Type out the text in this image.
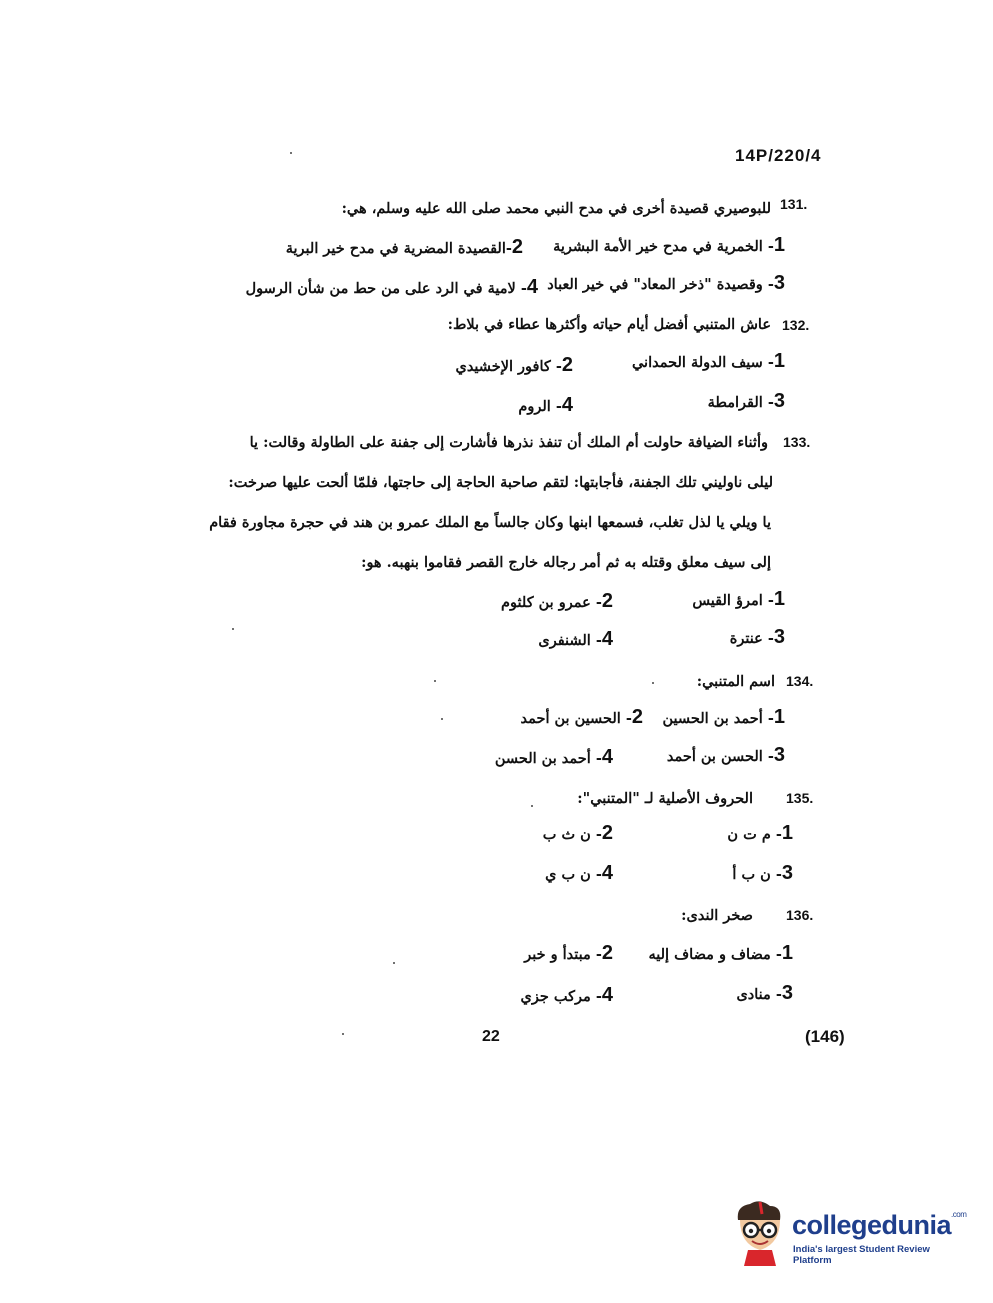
14P/220/4
131.
للبوصيري قصيدة أخرى في مدح النبي محمد صلى الله عليه وسلم، هي:
1- الخمرية في مدح خير الأمة البشرية
2-القصيدة المضرية في مدح خير البرية
3- وقصيدة "ذخر المعاد" في خير العباد
4- لامية في الرد على من حط من شأن الرسول
132.
عاش المتنبي أفضل أيام حياته وأكثرها عطاء في بلاط:
1- سيف الدولة الحمداني
2- كافور الإخشيدي
3- القرامطة
4- الروم
133.
وأثناء الضيافة حاولت أم الملك أن تنفذ نذرها فأشارت إلى جفنة على الطاولة وقالت: يا
ليلى ناوليني تلك الجفنة، فأجابتها: لتقم صاحبة الحاجة إلى حاجتها، فلمّا ألحت عليها صرخت:
يا ويلي يا لذل تغلب، فسمعها ابنها وكان جالساً مع الملك عمرو بن هند في حجرة مجاورة فقام
إلى سيف معلق وقتله به ثم أمر رجاله خارج القصر فقاموا بنهبه. هو:
1- امرؤ القيس
2- عمرو بن كلثوم
3- عنترة
4- الشنفرى
134.
اسم المتنبي:
1- أحمد بن الحسين
2- الحسين بن أحمد
3- الحسن بن أحمد
4- أحمد بن الحسن
135.
الحروف الأصلية لـ "المتنبي":
1- م ت ن
2- ن ث ب
3- ن ب أ
4- ن ب ي
136.
صخر الندى:
1- مضاف و مضاف إليه
2- مبتدأ و خبر
3- منادى
4- مركب جزي
22	(146)
collegedunia$^{.com}$
India's largest Student Review Platform
